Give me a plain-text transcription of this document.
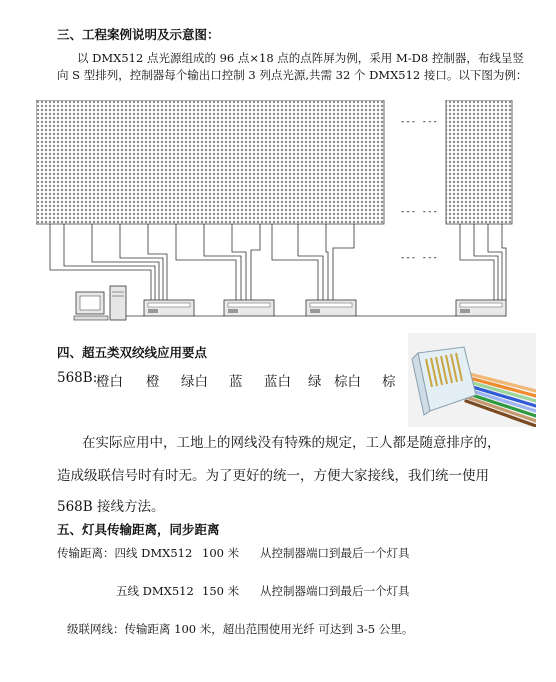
三、工程案例说明及示意图：
以 DMX512 点光源组成的 96 点×18 点的点阵屏为例，采用 M-D8 控制器，布线呈竖
向 S 型排列，控制器每个输出口控制 3 列点光源,共需 32 个 DMX512 接口。以下图为例：
--- ---
--- ---
--- ---
四、超五类双绞线应用要点
568B:
橙白 橙 绿白 蓝 蓝白 绿 棕白 棕
在实际应用中，工地上的网线没有特殊的规定，工人都是随意排序的，
造成级联信号时有时无。为了更好的统一，方便大家接线，我们统一使用
568B 接线方法。
五、灯具传输距离，同步距离
传输距离：四线 DMX512 100 米 从控制器端口到最后一个灯具
五线 DMX512 150 米 从控制器端口到最后一个灯具
级联网线：传输距离 100 米，超出范围使用光纤 可达到 3-5 公里。
